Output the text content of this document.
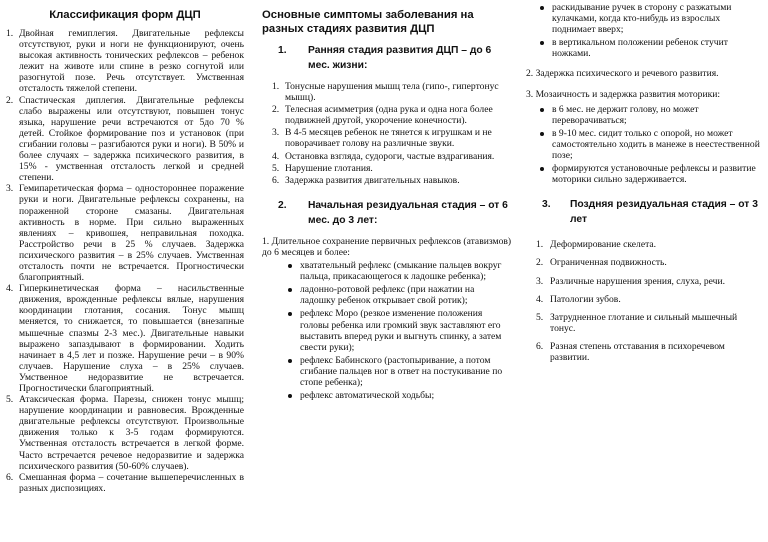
Классификация форм ДЦП
1. Двойная гемиплегия. Двигательные рефлексы отсутствуют, руки и ноги не функционируют, очень высокая активность тонических рефлексов – ребенок лежит на животе или спине в резко согнутой или разогнутой позе. Речь отсутствует. Умственная отсталость тяжелой степени.
2. Спастическая диплегия. Двигательные рефлексы слабо выражены или отсутствуют, повышен тонус языка, нарушение речи встречаются от 5до 70 % детей. Стойкое формирование поз и установок (при сгибании головы – разгибаются руки и ноги). В 50% и более случаях – задержка психического развития, в 15% - умственная отсталость легкой и средней степени.
3. Гемипаретическая форма – одностороннее поражение руки и ноги. Двигательные рефлексы сохранены, на пораженной стороне смазаны. Двигательная активность в норме. При сильно выраженных явлениях – кривошея, неправильная походка. Расстройство речи в 25 % случаев. Задержка психического развития – в 25% случаев. Умственная отсталость почти не встречается. Прогностически благоприятный.
4. Гиперкинетическая форма – насильственные движения, врожденные рефлексы вялые, нарушения координации глотания, сосания. Тонус мышц меняется, то снижается, то повышается (внезапные мышечные спазмы 2-3 мес.). Двигательные навыки выражено запаздывают в формировании. Ходить начинает в 4,5 лет и позже. Нарушение речи – в 90% случаев. Нарушение слуха – в 25% случаев. Умственное недоразвитие не встречается. Прогностически благоприятный.
5. Атаксическая форма. Парезы, снижен тонус мышц; нарушение координации и равновесия. Врожденные двигательные рефлексы отсутствуют. Произвольные движения только к 3-5 годам формируются. Умственная отсталость встречается в легкой форме. Часто встречается речевое недоразвитие и задержка психического развития (50-60% случаев).
6. Смешанная форма – сочетание вышеперечисленных в разных диспозициях.
Основные симптомы заболевания на разных стадиях развития ДЦП
1. Ранняя стадия развития ДЦП – до 6 мес. жизни:
1. Тонусные нарушения мышц тела (гипо-, гипертонус мышц).
2. Телесная асимметрия (одна рука и одна нога более подвижней другой, укорочение конечности).
3. В 4-5 месяцев ребенок не тянется к игрушкам и не поворачивает голову на различные звуки.
4. Остановка взгляда, судороги, частые вздрагивания.
5. Нарушение глотания.
6. Задержка развития двигательных навыков.
2. Начальная резидуальная стадия – от 6 мес. до 3 лет:

1. Длительное сохранение первичных рефлексов (атавизмов) до 6 месяцев и более:

хватательный рефлекс (смыкание пальцев вокруг пальца, прикасающегося к ладошке ребенка);
ладонно-ротовой рефлекс (при нажатии на ладошку ребенок открывает свой ротик);
рефлекс Моро (резкое изменение положения головы ребенка или громкий звук заставляют его выставить вперед руки и выгнуть спинку, а затем свести руки);
рефлекс Бабинского (растопыривание, а потом сгибание пальцев ног в ответ на постукивание по стопе ребенка);
рефлекс автоматической ходьбы;
раскидывание ручек в сторону с разжатыми кулачками, когда кто-нибудь из взрослых поднимает вверх;
в вертикальном положении ребенок стучит ножками.

2. Задержка психического и речевого развития.

3. Мозаичность и задержка развития моторики:

в 6 мес. не держит голову, но может переворачиваться;
в 9-10 мес. сидит только с опорой, но может самостоятельно ходить в манеже в неестественной позе;
формируются установочные рефлексы и развитие моторики сильно задерживается.
3. Поздняя резидуальная стадия – от 3 лет
1. Деформирование скелета.
2. Ограниченная подвижность.
3. Различные нарушения зрения, слуха, речи.
4. Патологии зубов.
5. Затрудненное глотание и сильный мышечный тонус.
6. Разная степень отставания в психоречевом развитии.
